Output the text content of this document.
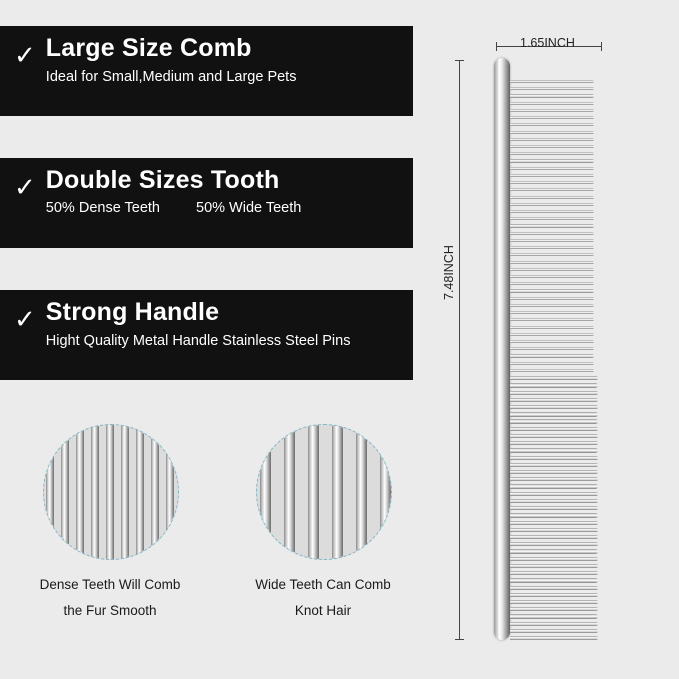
✓ Large Size Comb
Ideal for Small,Medium and Large Pets
✓ Double Sizes Tooth
50% Dense Teeth 50% Wide Teeth
✓ Strong Handle
Hight Quality Metal Handle Stainless Steel Pins
Dense Teeth Will Comb
the Fur Smooth
Wide Teeth Can Comb
Knot Hair
1.65INCH
7.48INCH
